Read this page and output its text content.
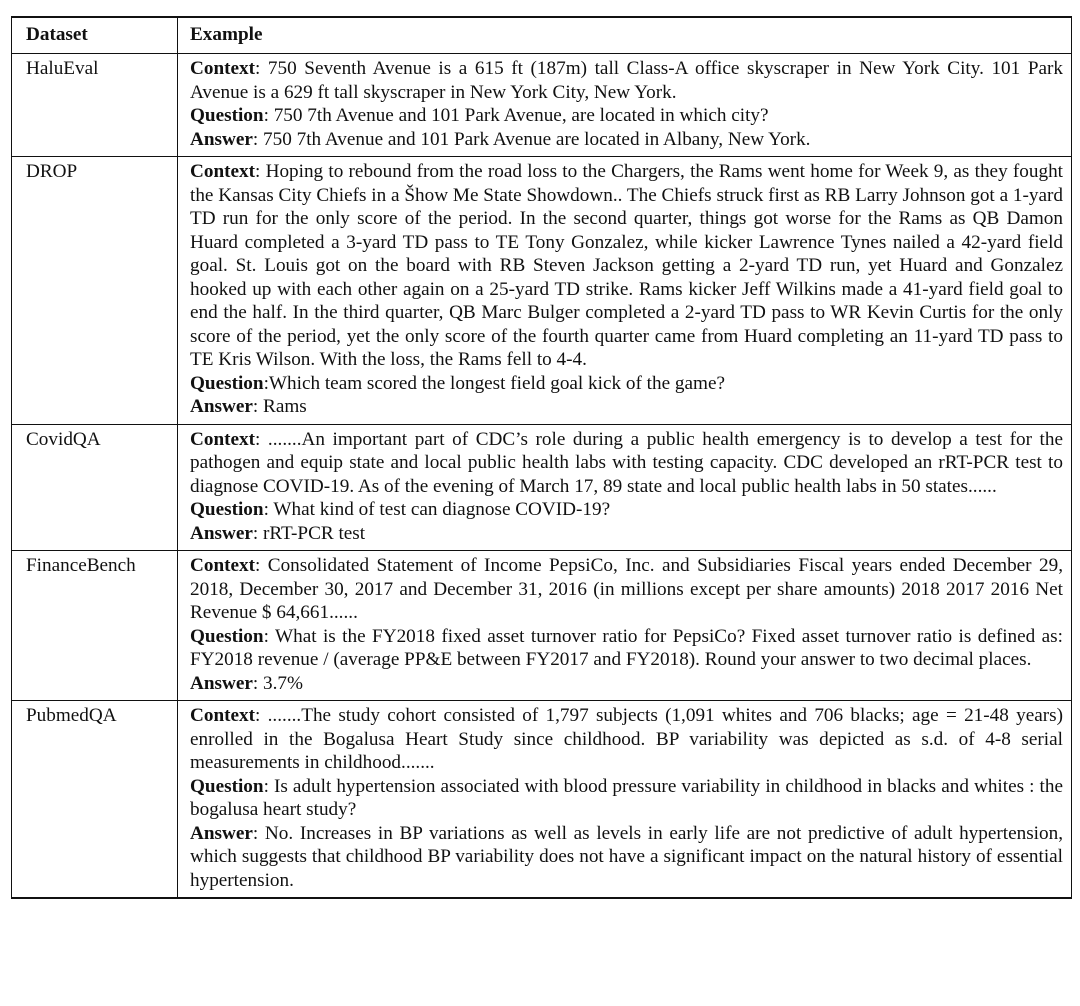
Dataset	Example
HaluEval	Context: 750 Seventh Avenue is a 615 ft (187m) tall Class-A office skyscraper in New York City. 101 Park Avenue is a 629 ft tall skyscraper in New York City, New York.
Question: 750 7th Avenue and 101 Park Avenue, are located in which city?
Answer: 750 7th Avenue and 101 Park Avenue are located in Albany, New York.

DROP	Context: Hoping to rebound from the road loss to the Chargers, the Rams went home for Week 9, as they fought the Kansas City Chiefs in a Šhow Me State Showdown.. The Chiefs struck first as RB Larry Johnson got a 1-yard TD run for the only score of the period. In the second quarter, things got worse for the Rams as QB Damon Huard completed a 3-yard TD pass to TE Tony Gonzalez, while kicker Lawrence Tynes nailed a 42-yard field goal. St. Louis got on the board with RB Steven Jackson getting a 2-yard TD run, yet Huard and Gonzalez hooked up with each other again on a 25-yard TD strike. Rams kicker Jeff Wilkins made a 41-yard field goal to end the half. In the third quarter, QB Marc Bulger completed a 2-yard TD pass to WR Kevin Curtis for the only score of the period, yet the only score of the fourth quarter came from Huard completing an 11-yard TD pass to TE Kris Wilson. With the loss, the Rams fell to 4-4.
Question:Which team scored the longest field goal kick of the game?
Answer: Rams

CovidQA	Context: .......An important part of CDC’s role during a public health emergency is to develop a test for the pathogen and equip state and local public health labs with testing capacity. CDC developed an rRT-PCR test to diagnose COVID-19. As of the evening of March 17, 89 state and local public health labs in 50 states......
Question: What kind of test can diagnose COVID-19?
Answer: rRT-PCR test

FinanceBench	Context: Consolidated Statement of Income PepsiCo, Inc. and Subsidiaries Fiscal years ended December 29, 2018, December 30, 2017 and December 31, 2016 (in millions except per share amounts) 2018 2017 2016 Net Revenue $ 64,661......
Question: What is the FY2018 fixed asset turnover ratio for PepsiCo? Fixed asset turnover ratio is defined as: FY2018 revenue / (average PP&E between FY2017 and FY2018). Round your answer to two decimal places.
Answer: 3.7%

PubmedQA	Context: .......The study cohort consisted of 1,797 subjects (1,091 whites and 706 blacks; age = 21-48 years) enrolled in the Bogalusa Heart Study since childhood. BP variability was depicted as s.d. of 4-8 serial measurements in childhood.......
Question: Is adult hypertension associated with blood pressure variability in childhood in blacks and whites : the bogalusa heart study?
Answer: No. Increases in BP variations as well as levels in early life are not predictive of adult hypertension, which suggests that childhood BP variability does not have a significant impact on the natural history of essential hypertension.
